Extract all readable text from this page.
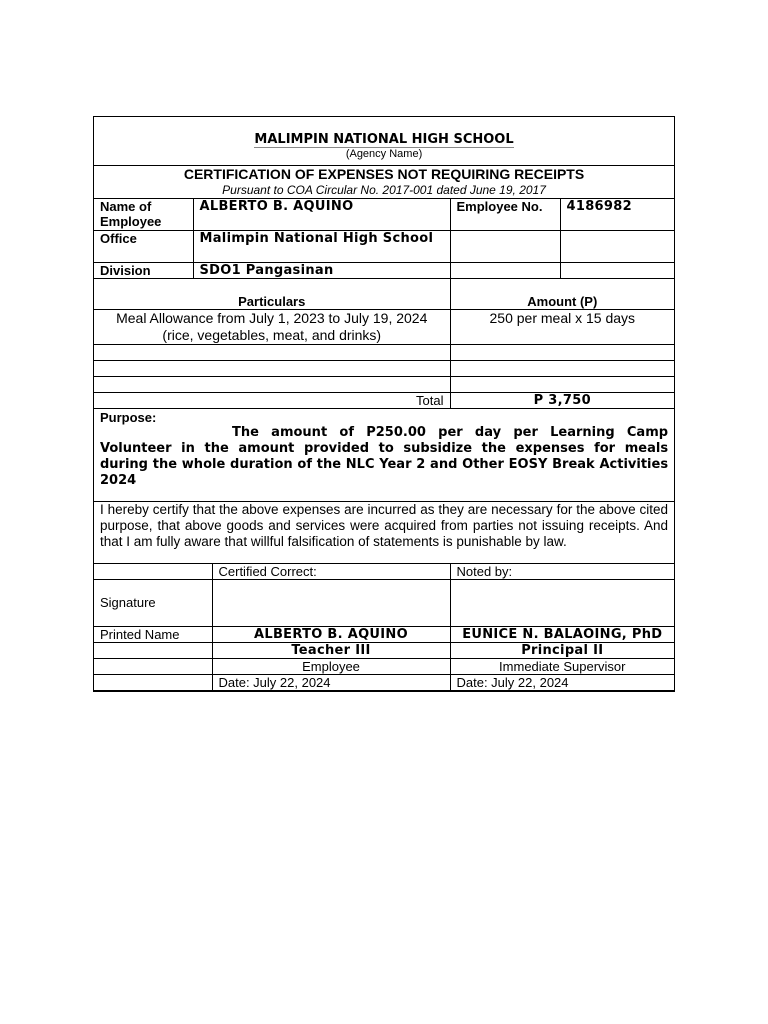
MALIMPIN NATIONAL HIGH SCHOOL
(Agency Name)				

CERTIFICATION OF EXPENSES NOT REQUIRING RECEIPTS
Pursuant to COA Circular No. 2017-001 dated June 19, 2017				

Name of Employee	ALBERTO B. AQUINO		Employee No.	4186982
Office	Malimpin National High School			
Division	SDO1 Pangasinan			
Particulars			Amount (P)	
Meal Allowance from July 1, 2023 to July 19, 2024 (rice, vegetables, meat, and drinks)			250 per meal x 15 days	

Total			P 3,750	

Purpose:
The amount of P250.00 per day per Learning Camp Volunteer in the amount provided to subsidize the expenses for meals during the whole duration of the NLC Year 2 and Other EOSY Break Activities 2024				

I hereby certify that the above expenses are incurred as they are necessary for the above cited purpose, that above goods and services were acquired from parties not issuing receipts. And that I am fully aware that willful falsification of statements is punishable by law.				
		Certified Correct:	Noted by:	
Signature				
Printed Name		ALBERTO B. AQUINO	EUNICE N. BALAOING, PhD	
		Teacher III	Principal II	
		Employee	Immediate Supervisor	
		Date: July 22, 2024	Date: July 22, 2024	
